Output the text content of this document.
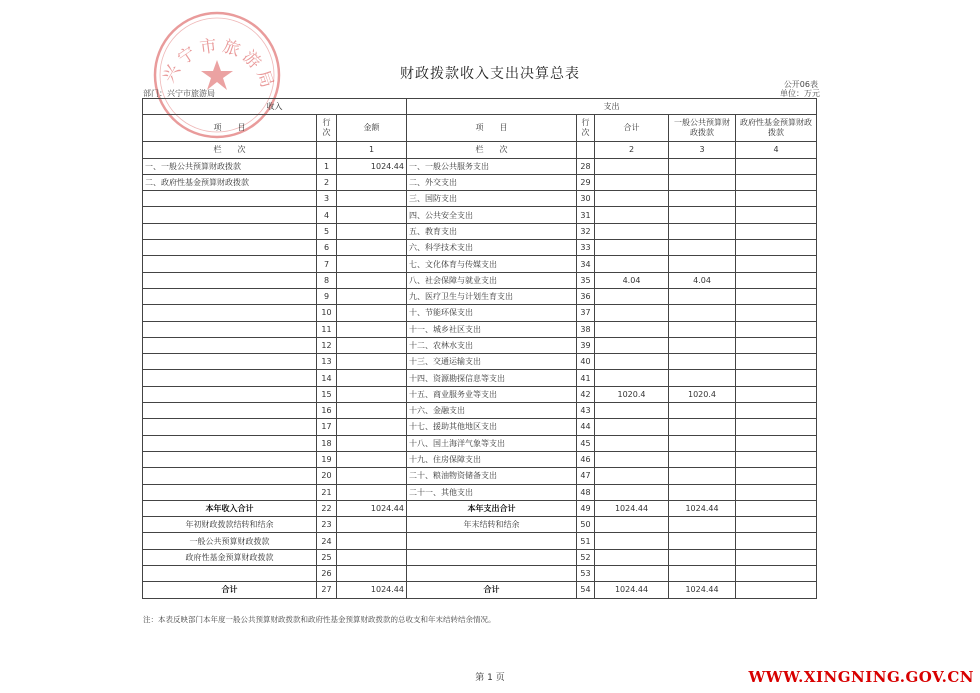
兴宁市旅游局	财政拨款收入支出决算总表
公开06表
部门：兴宁市旅游局	单位：万元
收入			支出				
项　　目	行次	金额	项　　目	行次	合计	一般公共预算财政拨款	政府性基金预算财政拨款
栏　　次		1	栏　　次		2	3	4
一、一般公共预算财政拨款	1	1024.44	一、一般公共服务支出	28			
二、政府性基金预算财政拨款	2		二、外交支出	29			
	3		三、国防支出	30			
	4		四、公共安全支出	31			
	5		五、教育支出	32			
	6		六、科学技术支出	33			
	7		七、文化体育与传媒支出	34			
	8		八、社会保障与就业支出	35	4.04	4.04	
	9		九、医疗卫生与计划生育支出	36			
	10		十、节能环保支出	37			
	11		十一、城乡社区支出	38			
	12		十二、农林水支出	39			
	13		十三、交通运输支出	40			
	14		十四、资源勘探信息等支出	41			
	15		十五、商业服务业等支出	42	1020.4	1020.4	
	16		十六、金融支出	43			
	17		十七、援助其他地区支出	44			
	18		十八、国土海洋气象等支出	45			
	19		十九、住房保障支出	46			
	20		二十、粮油物资储备支出	47			
	21		二十一、其他支出	48			
本年收入合计	22	1024.44	本年支出合计	49	1024.44	1024.44	
年初财政拨款结转和结余	23		年末结转和结余	50			
一般公共预算财政拨款	24			51			
政府性基金预算财政拨款	25			52			
	26			53			
合计	27	1024.44	合计	54	1024.44	1024.44	
注：本表反映部门本年度一般公共预算财政拨款和政府性基金预算财政拨款的总收支和年末结转结余情况。
第 1 页	WWW.XINGNING.GOV.CN
